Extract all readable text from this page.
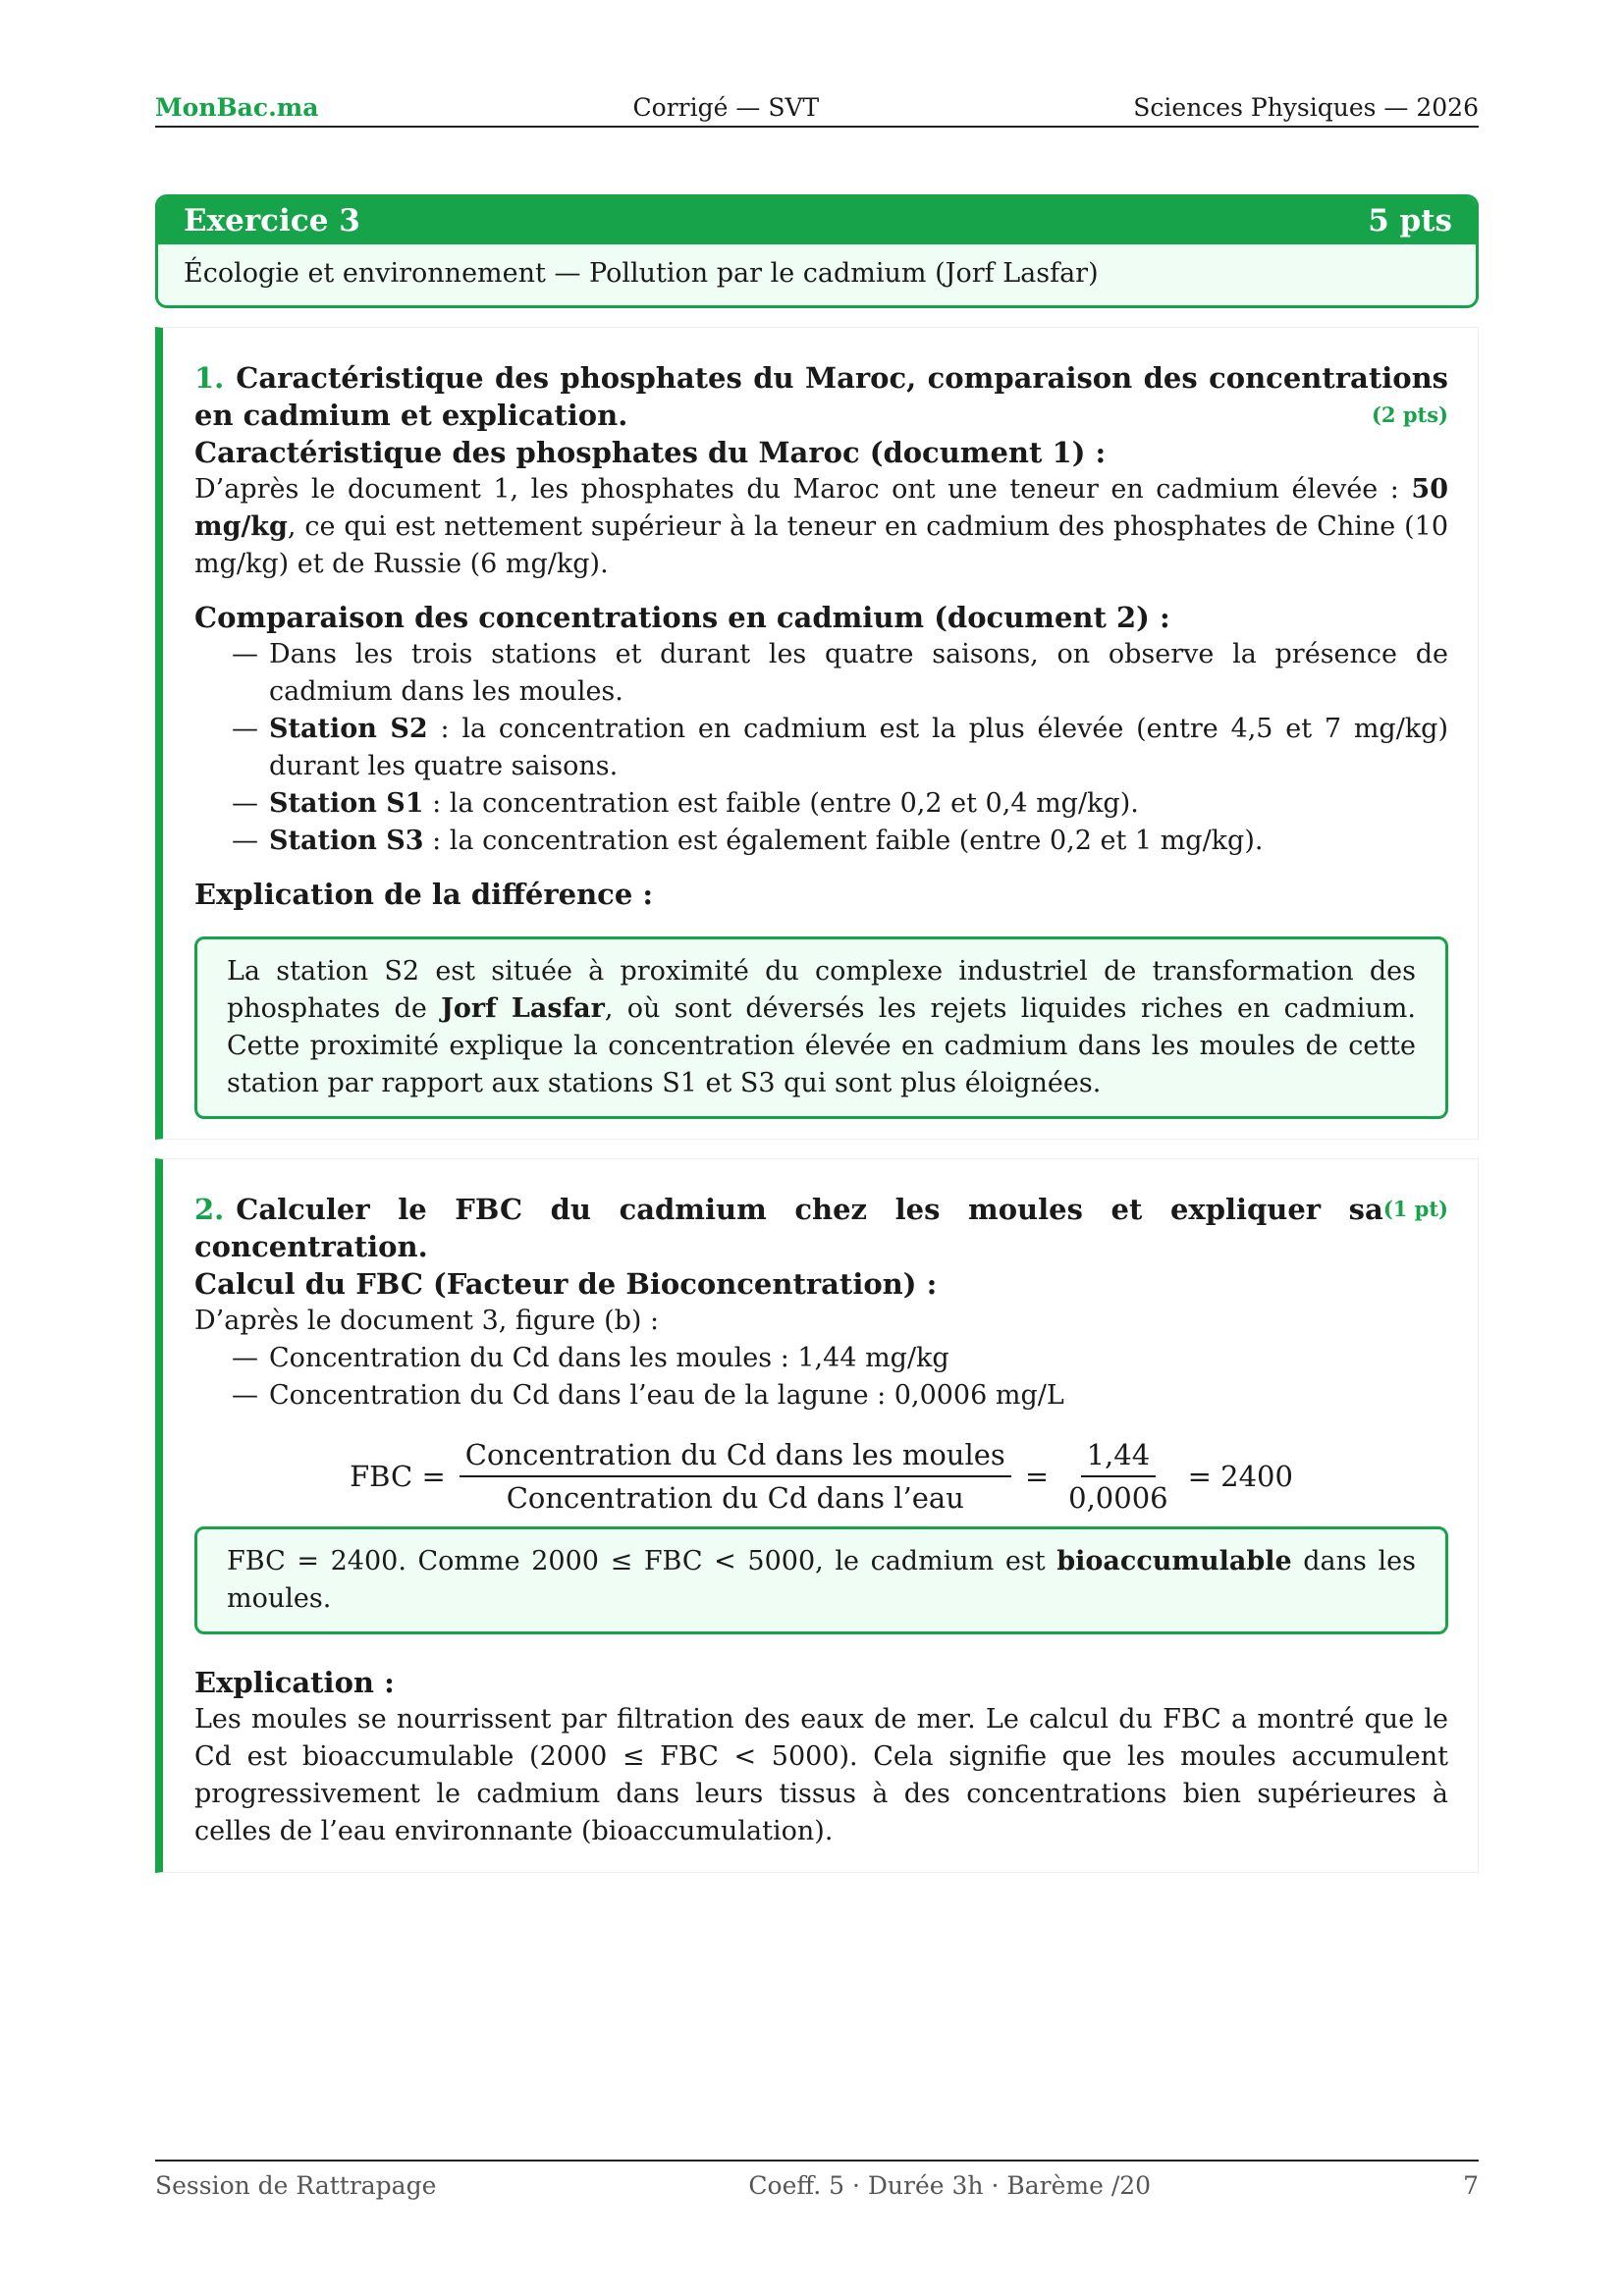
MonBac.ma	Corrigé — SVT	Sciences Physiques — 2026
Exercice 3	5 pts
Écologie et environnement — Pollution par le cadmium (Jorf Lasfar)
1. Caractéristique des phosphates du Maroc, comparaison des concentrations en cadmium et explication.	(2 pts)
Caractéristique des phosphates du Maroc (document 1) :

D’après le document 1, les phosphates du Maroc ont une teneur en cadmium élevée : 50 mg/kg, ce qui est nettement supérieur à la teneur en cadmium des phosphates de Chine (10 mg/kg) et de Russie (6 mg/kg).

Comparaison des concentrations en cadmium (document 2) :
— Dans les trois stations et durant les quatre saisons, on observe la présence de cadmium dans les moules.
— Station S2 : la concentration en cadmium est la plus élevée (entre 4,5 et 7 mg/kg) durant les quatre saisons.
— Station S1 : la concentration est faible (entre 0,2 et 0,4 mg/kg).
— Station S3 : la concentration est également faible (entre 0,2 et 1 mg/kg).
Explication de la différence :
La station S2 est située à proximité du complexe industriel de transformation des phosphates de Jorf Lasfar, où sont déversés les rejets liquides riches en cadmium. Cette proximité explique la concentration élevée en cadmium dans les moules de cette station par rapport aux stations S1 et S3 qui sont plus éloignées.
(1 pt)
2. Calculer le FBC du cadmium chez les moules et expliquer sa concentration.
Calcul du FBC (Facteur de Bioconcentration) :

D’après le document 3, figure (b) :

— Concentration du Cd dans les moules : 1,44 mg/kg
— Concentration du Cd dans l’eau de la lagune : 0,0006 mg/L
FBC = $\frac{\text{Concentration du Cd dans les moules}}{\text{Concentration du Cd dans l’eau}} = \frac{1,44}{0,0006} = 2400$
FBC = 2400. Comme 2000 ≤ FBC < 5000, le cadmium est bioaccumulable dans les moules.
Explication :

Les moules se nourrissent par filtration des eaux de mer. Le calcul du FBC a montré que le Cd est bioaccumulable (2000 ≤ FBC < 5000). Cela signifie que les moules accumulent progressivement le cadmium dans leurs tissus à des concentrations bien supérieures à celles de l’eau environnante (bioaccumulation).

Session de Rattrapage	Coeff. 5 · Durée 3h · Barème /20	7
